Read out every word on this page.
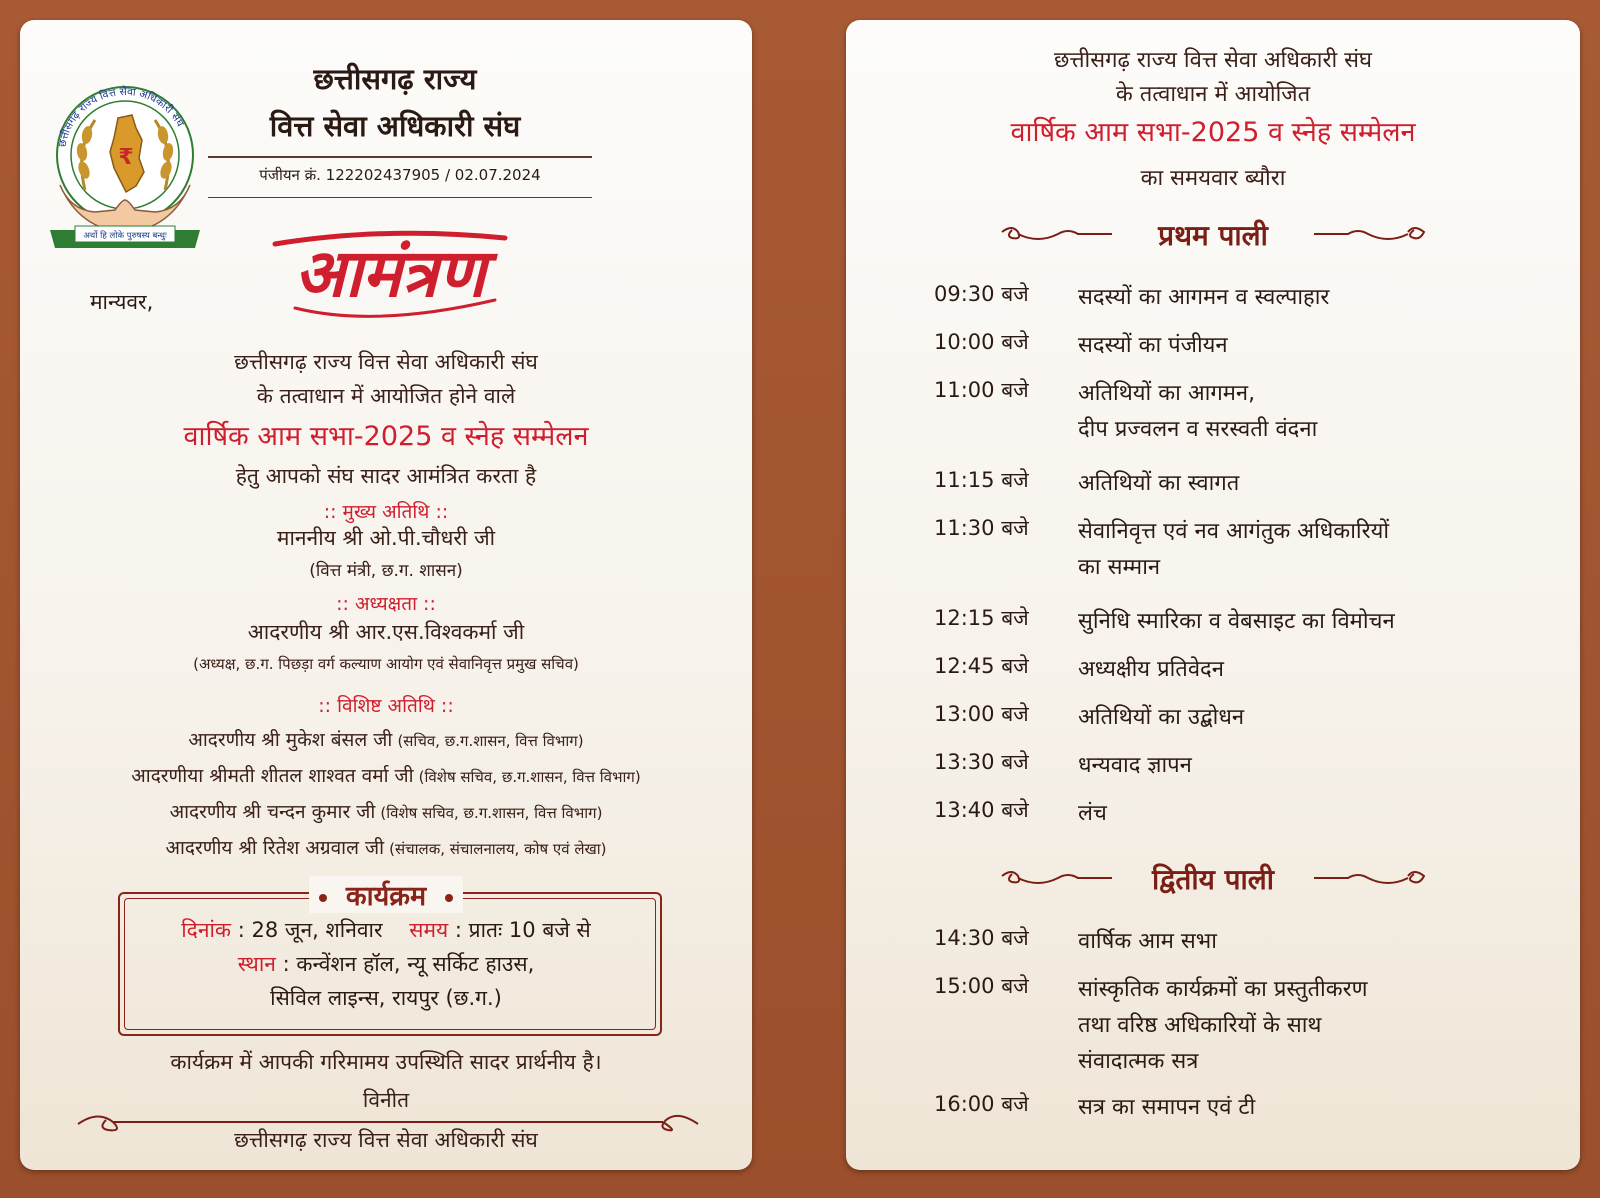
छत्तीसगढ़ राज्य वित्त सेवा अधिकारी संघ
₹
अर्थो हि लोके पुरुषस्य बन्धुः
छत्तीसगढ़ राज्य
वित्त सेवा अधिकारी संघ
पंजीयन क्रं. 122202437905 / 02.07.2024
आमंत्रण
मान्यवर,
छत्तीसगढ़ राज्य वित्त सेवा अधिकारी संघ
के तत्वाधान में आयोजित होने वाले
वार्षिक आम सभा-2025 व स्नेह सम्मेलन
हेतु आपको संघ सादर आमंत्रित करता है
:: मुख्य अतिथि ::
माननीय श्री ओ.पी.चौधरी जी
(वित्त मंत्री, छ.ग. शासन)
:: अध्यक्षता ::
आदरणीय श्री आर.एस.विश्वकर्मा जी
(अध्यक्ष, छ.ग. पिछड़ा वर्ग कल्याण आयोग एवं सेवानिवृत्त प्रमुख सचिव)
:: विशिष्ट अतिथि ::
आदरणीय श्री मुकेश बंसल जी (सचिव, छ.ग.शासन, वित्त विभाग)
आदरणीया श्रीमती शीतल शाश्वत वर्मा जी (विशेष सचिव, छ.ग.शासन, वित्त विभाग)
आदरणीय श्री चन्दन कुमार जी (विशेष सचिव, छ.ग.शासन, वित्त विभाग)
आदरणीय श्री रितेश अग्रवाल जी (संचालक, संचालनालय, कोष एवं लेखा)
कार्यक्रम
दिनांक : 28 जून, शनिवार समय : प्रातः 10 बजे से
स्थान : कन्वेंशन हॉल, न्यू सर्किट हाउस,
सिविल लाइन्स, रायपुर (छ.ग.)
कार्यक्रम में आपकी गरिमामय उपस्थिति सादर प्रार्थनीय है।
विनीत
छत्तीसगढ़ राज्य वित्त सेवा अधिकारी संघ
छत्तीसगढ़ राज्य वित्त सेवा अधिकारी संघ
के तत्वाधान में आयोजित
वार्षिक आम सभा-2025 व स्नेह सम्मेलन
का समयवार ब्यौरा
प्रथम पाली
09:30 बजे	सदस्यों का आगमन व स्वल्पाहार
10:00 बजे	सदस्यों का पंजीयन
11:00 बजे	अतिथियों का आगमन,
दीप प्रज्वलन व सरस्वती वंदना
11:15 बजे	अतिथियों का स्वागत
11:30 बजे	सेवानिवृत्त एवं नव आगंतुक अधिकारियों
का सम्मान
12:15 बजे	सुनिधि स्मारिका व वेबसाइट का विमोचन
12:45 बजे	अध्यक्षीय प्रतिवेदन
13:00 बजे	अतिथियों का उद्बोधन
13:30 बजे	धन्यवाद ज्ञापन
13:40 बजे	लंच
द्वितीय पाली
14:30 बजे	वार्षिक आम सभा
15:00 बजे	सांस्कृतिक कार्यक्रमों का प्रस्तुतीकरण
तथा वरिष्ठ अधिकारियों के साथ
संवादात्मक सत्र
16:00 बजे	सत्र का समापन एवं टी
